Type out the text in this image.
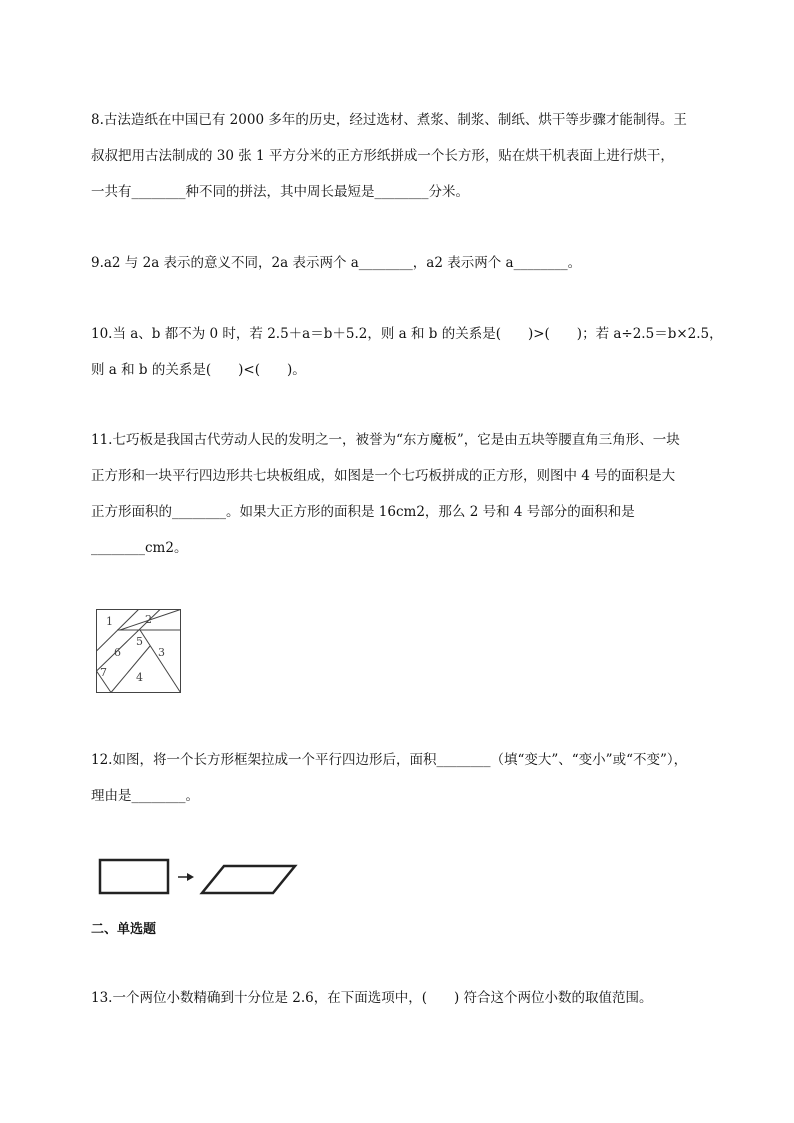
8.古法造纸在中国已有 2000 多年的历史，经过选材、煮浆、制浆、制纸、烘干等步骤才能制得。王
叔叔把用古法制成的 30 张 1 平方分米的正方形纸拼成一个长方形，贴在烘干机表面上进行烘干，
一共有________种不同的拼法，其中周长最短是________分米。
9.a2 与 2a 表示的意义不同，2a 表示两个 a________，a2 表示两个 a________。
10.当 a、b 都不为 0 时，若 2.5＋a＝b＋5.2，则 a 和 b 的关系是(　　)>(　　)；若 a÷2.5＝b×2.5，
则 a 和 b 的关系是(　　)<(　　)。
11.七巧板是我国古代劳动人民的发明之一，被誉为“东方魔板”，它是由五块等腰直角三角形、一块
正方形和一块平行四边形共七块板组成，如图是一个七巧板拼成的正方形，则图中 4 号的面积是大
正方形面积的________。如果大正方形的面积是 16cm2，那么 2 号和 4 号部分的面积和是
________cm2。
1	2
5
6	3
7	4
12.如图，将一个长方形框架拉成一个平行四边形后，面积________（填“变大”、“变小”或“不变”），
理由是________。
二、单选题
13.一个两位小数精确到十分位是 2.6，在下面选项中，(　　) 符合这个两位小数的取值范围。
